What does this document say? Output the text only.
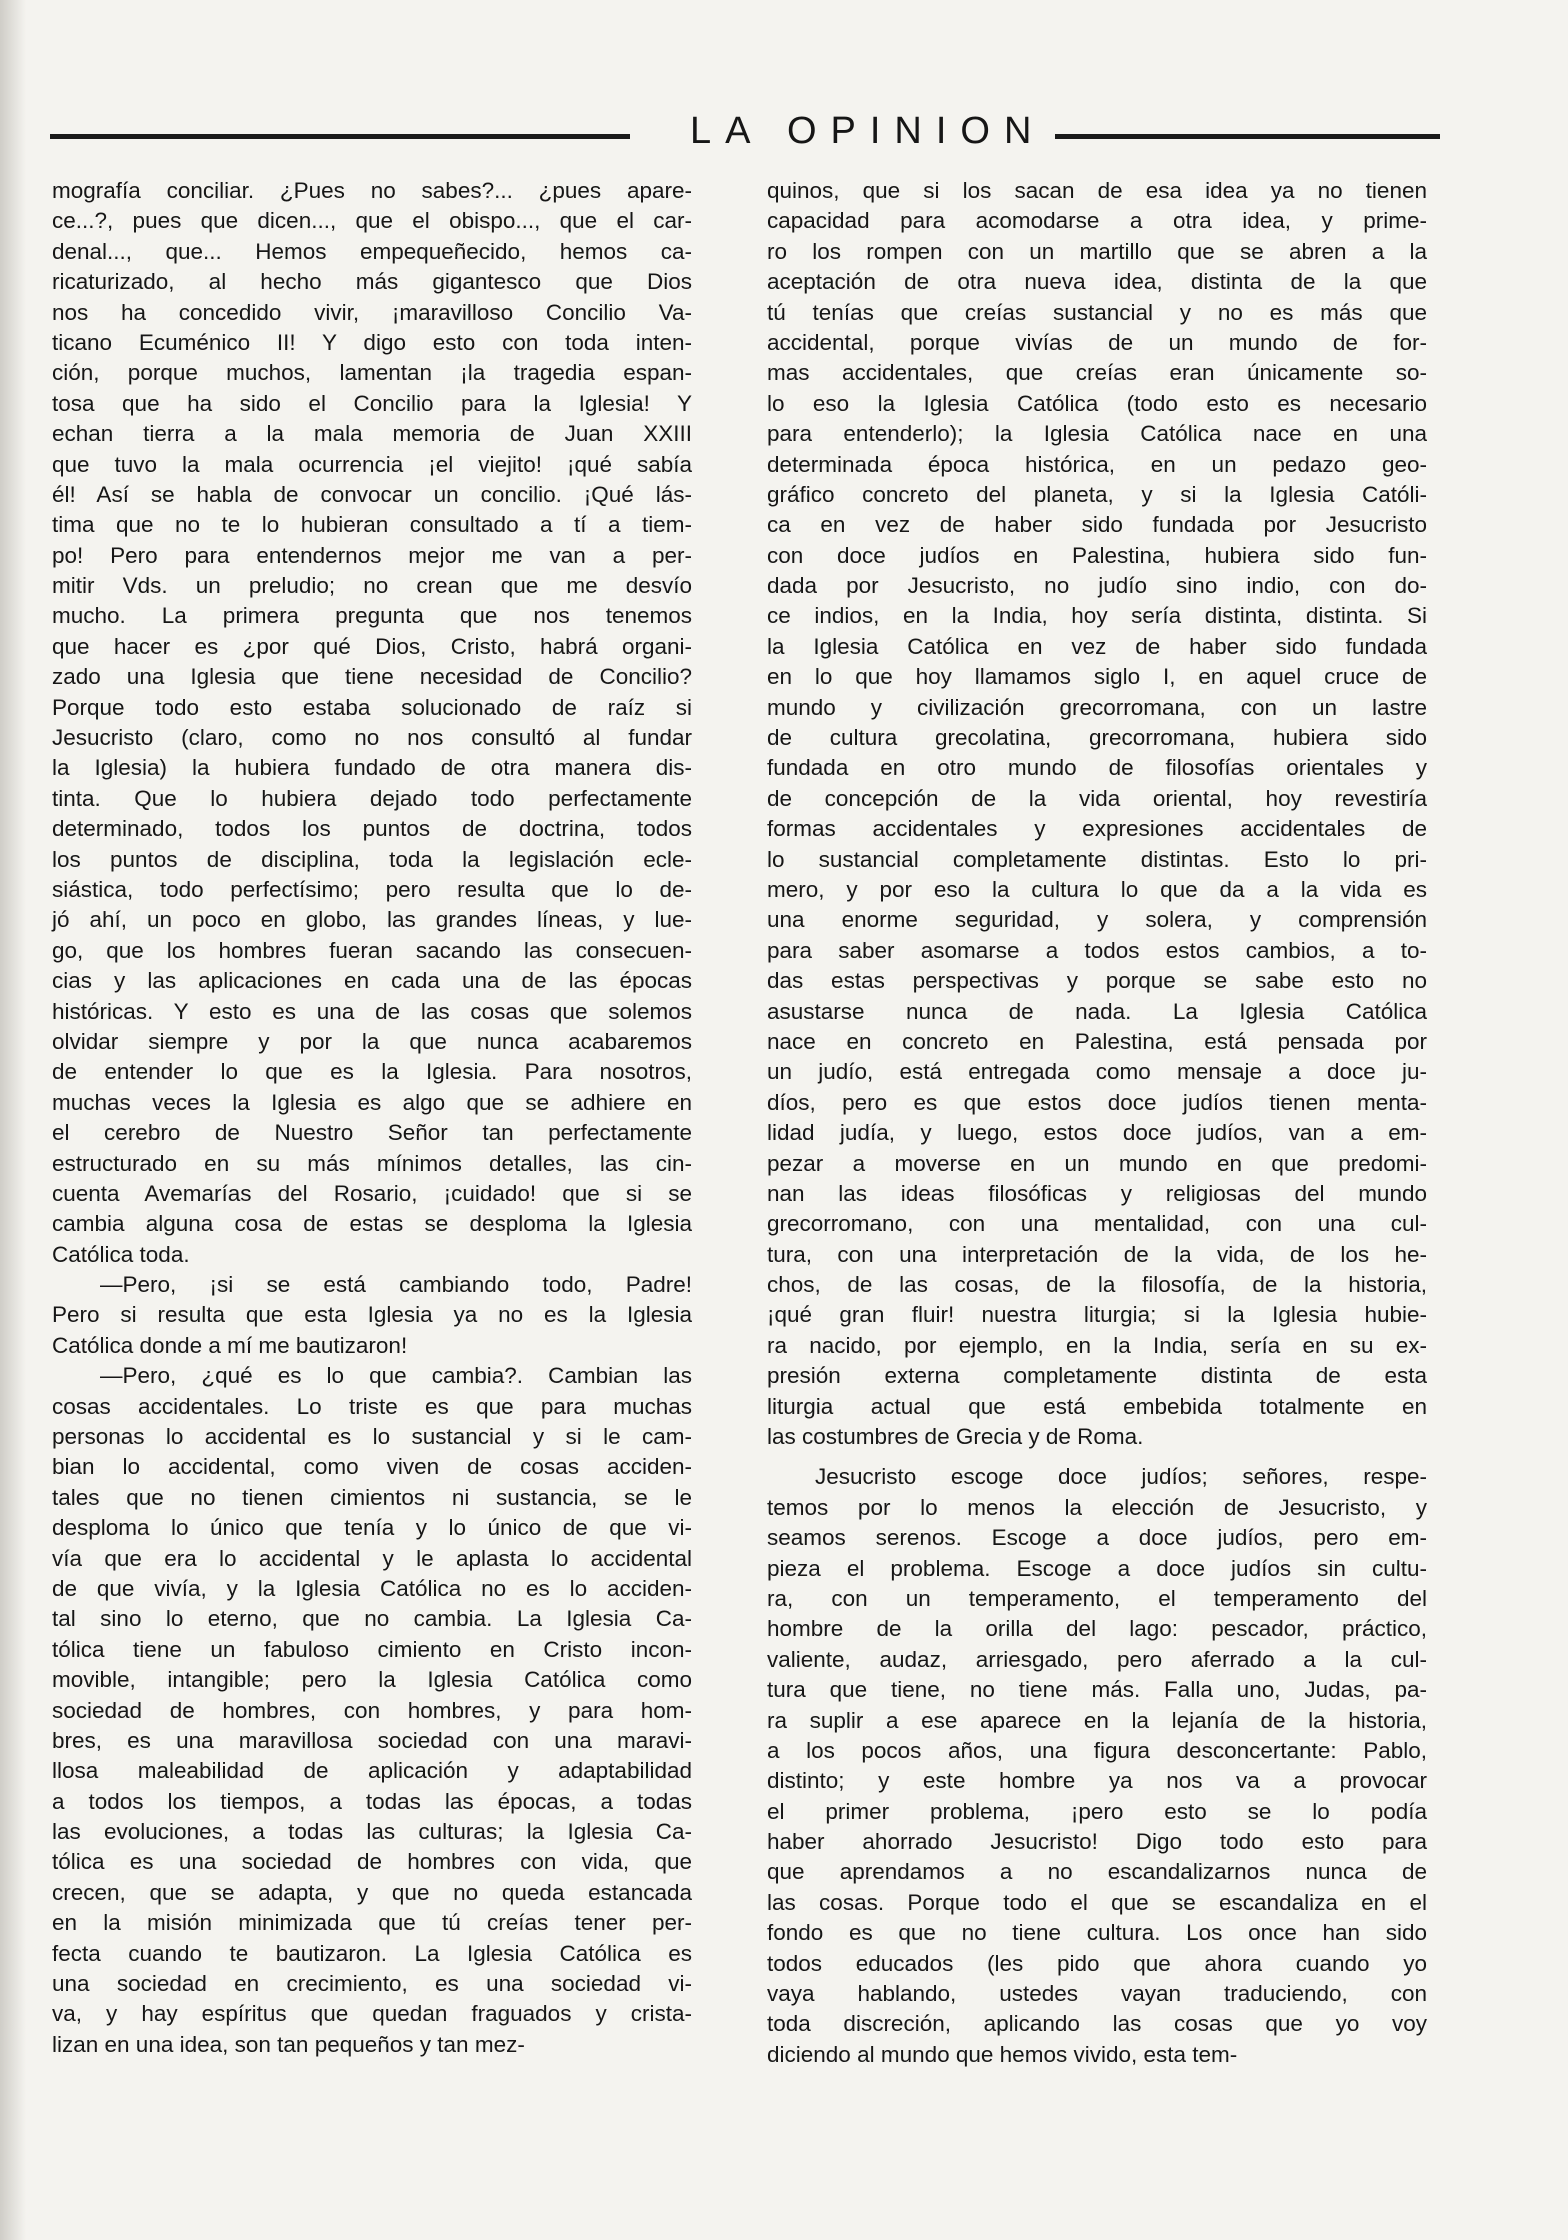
LA OPINION
mografía conciliar. ¿Pues no sabes?... ¿pues apare-
ce...?, pues que dicen..., que el obispo..., que el car-
denal..., que... Hemos empequeñecido, hemos ca-
ricaturizado, al hecho más gigantesco que Dios
nos ha concedido vivir, ¡maravilloso Concilio Va-
ticano Ecuménico II! Y digo esto con toda inten-
ción, porque muchos, lamentan ¡la tragedia espan-
tosa que ha sido el Concilio para la Iglesia! Y
echan tierra a la mala memoria de Juan XXIII
que tuvo la mala ocurrencia ¡el viejito! ¡qué sabía
él! Así se habla de convocar un concilio. ¡Qué lás-
tima que no te lo hubieran consultado a tí a tiem-
po! Pero para entendernos mejor me van a per-
mitir Vds. un preludio; no crean que me desvío
mucho. La primera pregunta que nos tenemos
que hacer es ¿por qué Dios, Cristo, habrá organi-
zado una Iglesia que tiene necesidad de Concilio?
Porque todo esto estaba solucionado de raíz si
Jesucristo (claro, como no nos consultó al fundar
la Iglesia) la hubiera fundado de otra manera dis-
tinta. Que lo hubiera dejado todo perfectamente
determinado, todos los puntos de doctrina, todos
los puntos de disciplina, toda la legislación ecle-
siástica, todo perfectísimo; pero resulta que lo de-
jó ahí, un poco en globo, las grandes líneas, y lue-
go, que los hombres fueran sacando las consecuen-
cias y las aplicaciones en cada una de las épocas
históricas. Y esto es una de las cosas que solemos
olvidar siempre y por la que nunca acabaremos
de entender lo que es la Iglesia. Para nosotros,
muchas veces la Iglesia es algo que se adhiere en
el cerebro de Nuestro Señor tan perfectamente
estructurado en su más mínimos detalles, las cin-
cuenta Avemarías del Rosario, ¡cuidado! que si se
cambia alguna cosa de estas se desploma la Iglesia
Católica toda.
—Pero, ¡si se está cambiando todo, Padre!
Pero si resulta que esta Iglesia ya no es la Iglesia
Católica donde a mí me bautizaron!
—Pero, ¿qué es lo que cambia?. Cambian las
cosas accidentales. Lo triste es que para muchas
personas lo accidental es lo sustancial y si le cam-
bian lo accidental, como viven de cosas acciden-
tales que no tienen cimientos ni sustancia, se le
desploma lo único que tenía y lo único de que vi-
vía que era lo accidental y le aplasta lo accidental
de que vivía, y la Iglesia Católica no es lo acciden-
tal sino lo eterno, que no cambia. La Iglesia Ca-
tólica tiene un fabuloso cimiento en Cristo incon-
movible, intangible; pero la Iglesia Católica como
sociedad de hombres, con hombres, y para hom-
bres, es una maravillosa sociedad con una maravi-
llosa maleabilidad de aplicación y adaptabilidad
a todos los tiempos, a todas las épocas, a todas
las evoluciones, a todas las culturas; la Iglesia Ca-
tólica es una sociedad de hombres con vida, que
crecen, que se adapta, y que no queda estancada
en la misión minimizada que tú creías tener per-
fecta cuando te bautizaron. La Iglesia Católica es
una sociedad en crecimiento, es una sociedad vi-
va, y hay espíritus que quedan fraguados y crista-
lizan en una idea, son tan pequeños y tan mez-
quinos, que si los sacan de esa idea ya no tienen
capacidad para acomodarse a otra idea, y prime-
ro los rompen con un martillo que se abren a la
aceptación de otra nueva idea, distinta de la que
tú tenías que creías sustancial y no es más que
accidental, porque vivías de un mundo de for-
mas accidentales, que creías eran únicamente so-
lo eso la Iglesia Católica (todo esto es necesario
para entenderlo); la Iglesia Católica nace en una
determinada época histórica, en un pedazo geo-
gráfico concreto del planeta, y si la Iglesia Católi-
ca en vez de haber sido fundada por Jesucristo
con doce judíos en Palestina, hubiera sido fun-
dada por Jesucristo, no judío sino indio, con do-
ce indios, en la India, hoy sería distinta, distinta. Si
la Iglesia Católica en vez de haber sido fundada
en lo que hoy llamamos siglo I, en aquel cruce de
mundo y civilización grecorromana, con un lastre
de cultura grecolatina, grecorromana, hubiera sido
fundada en otro mundo de filosofías orientales y
de concepción de la vida oriental, hoy revestiría
formas accidentales y expresiones accidentales de
lo sustancial completamente distintas. Esto lo pri-
mero, y por eso la cultura lo que da a la vida es
una enorme seguridad, y solera, y comprensión
para saber asomarse a todos estos cambios, a to-
das estas perspectivas y porque se sabe esto no
asustarse nunca de nada. La Iglesia Católica
nace en concreto en Palestina, está pensada por
un judío, está entregada como mensaje a doce ju-
díos, pero es que estos doce judíos tienen menta-
lidad judía, y luego, estos doce judíos, van a em-
pezar a moverse en un mundo en que predomi-
nan las ideas filosóficas y religiosas del mundo
grecorromano, con una mentalidad, con una cul-
tura, con una interpretación de la vida, de los he-
chos, de las cosas, de la filosofía, de la historia,
¡qué gran fluir! nuestra liturgia; si la Iglesia hubie-
ra nacido, por ejemplo, en la India, sería en su ex-
presión externa completamente distinta de esta
liturgia actual que está embebida totalmente en
las costumbres de Grecia y de Roma.
Jesucristo escoge doce judíos; señores, respe-
temos por lo menos la elección de Jesucristo, y
seamos serenos. Escoge a doce judíos, pero em-
pieza el problema. Escoge a doce judíos sin cultu-
ra, con un temperamento, el temperamento del
hombre de la orilla del lago: pescador, práctico,
valiente, audaz, arriesgado, pero aferrado a la cul-
tura que tiene, no tiene más. Falla uno, Judas, pa-
ra suplir a ese aparece en la lejanía de la historia,
a los pocos años, una figura desconcertante: Pablo,
distinto; y este hombre ya nos va a provocar
el primer problema, ¡pero esto se lo podía
haber ahorrado Jesucristo! Digo todo esto para
que aprendamos a no escandalizarnos nunca de
las cosas. Porque todo el que se escandaliza en el
fondo es que no tiene cultura. Los once han sido
todos educados (les pido que ahora cuando yo
vaya hablando, ustedes vayan traduciendo, con
toda discreción, aplicando las cosas que yo voy
diciendo al mundo que hemos vivido, esta tem-
